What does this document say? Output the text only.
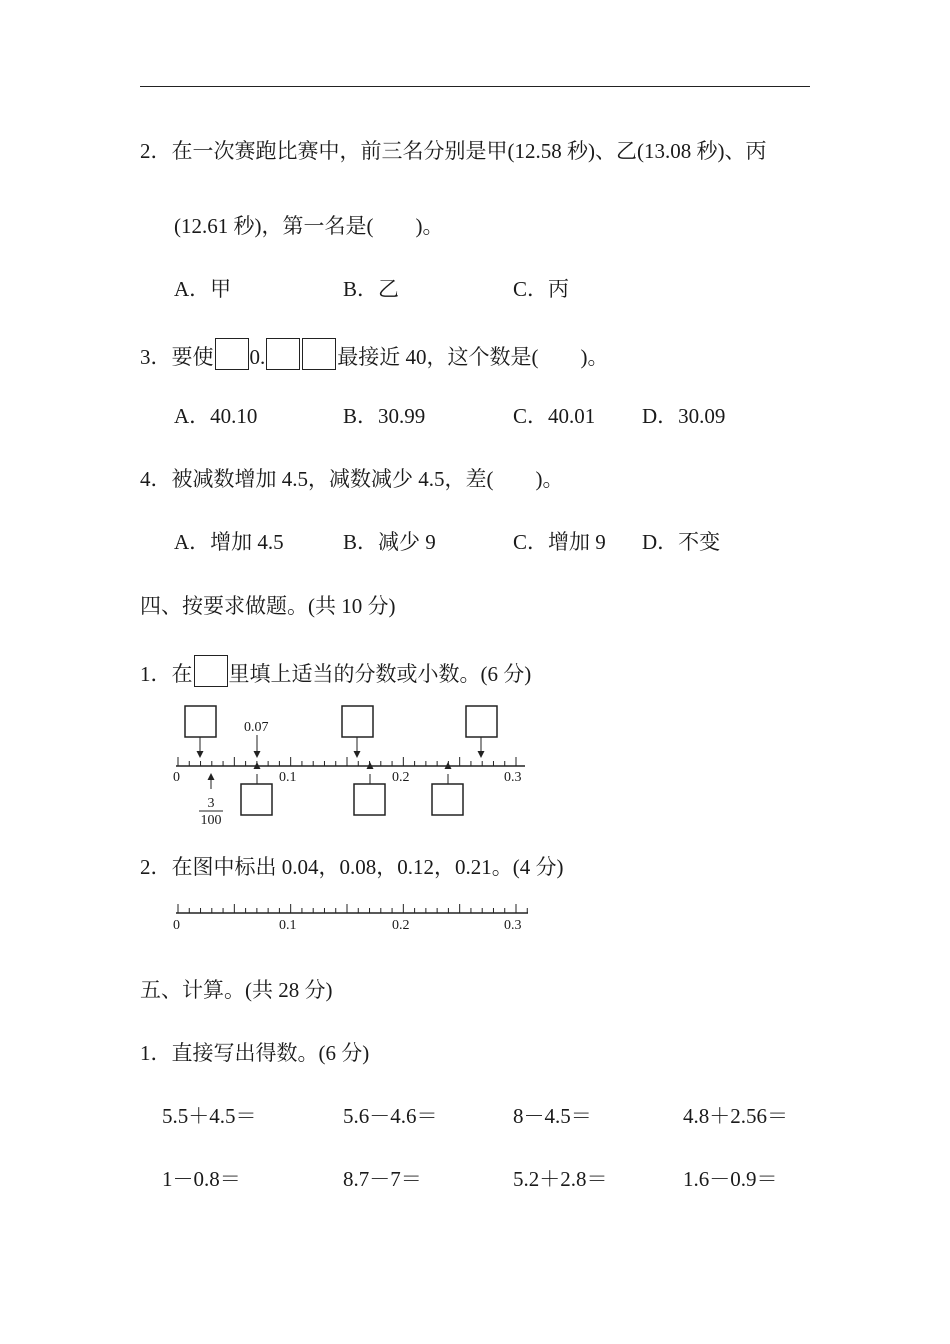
2．在一次赛跑比赛中，前三名分别是甲(12.58 秒)、乙(13.08 秒)、丙
(12.61 秒)，第一名是(　　)。
A．甲	B．乙	C．丙
3．要使 0.	最接近 40，这个数是(　　)。
A．40.10	B．30.99	C．40.01 D．30.09
4．被减数增加 4.5，减数减少 4.5，差(　　)。
A．增加 4.5	B．减少 9	C．增加 9 D．不变
四、按要求做题。(共 10 分)
1．在 里填上适当的分数或小数。(6 分)
0	0.1	0.2	0.3
0.07
3
100
2．在图中标出 0.04，0.08，0.12，0.21。(4 分)
0	0.1	0.2	0.3
五、计算。(共 28 分)
1．直接写出得数。(6 分)
5.5＋4.5＝	5.6－4.6＝	8－4.5＝	4.8＋2.56＝
1－0.8＝	8.7－7＝	5.2＋2.8＝	1.6－0.9＝
